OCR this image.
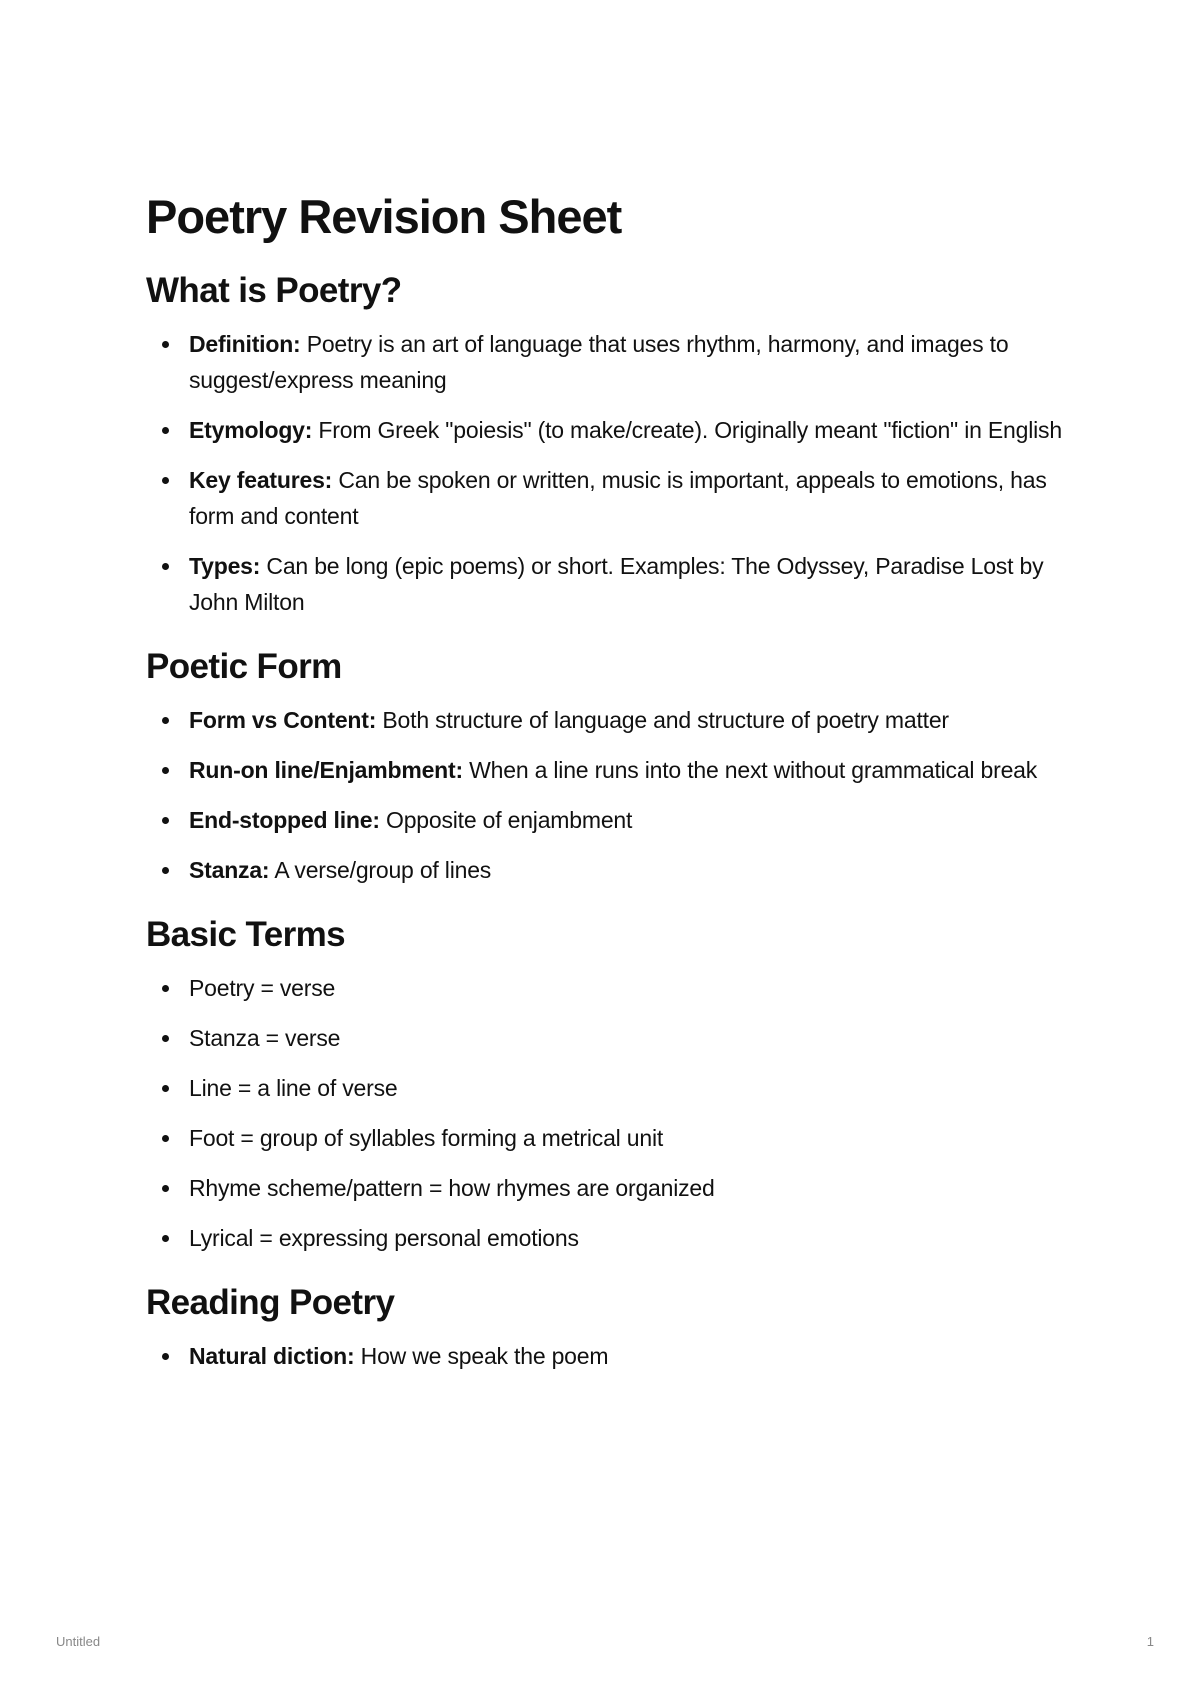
Poetry Revision Sheet
What is Poetry?
Definition: Poetry is an art of language that uses rhythm, harmony, and images to suggest/express meaning
Etymology: From Greek "poiesis" (to make/create). Originally meant "fiction" in English
Key features: Can be spoken or written, music is important, appeals to emotions, has form and content
Types: Can be long (epic poems) or short. Examples: The Odyssey, Paradise Lost by John Milton
Poetic Form
Form vs Content: Both structure of language and structure of poetry matter
Run-on line/Enjambment: When a line runs into the next without grammatical break
End-stopped line: Opposite of enjambment
Stanza: A verse/group of lines
Basic Terms
Poetry = verse
Stanza = verse
Line = a line of verse
Foot = group of syllables forming a metrical unit
Rhyme scheme/pattern = how rhymes are organized
Lyrical = expressing personal emotions
Reading Poetry
Natural diction: How we speak the poem
Untitled	1
